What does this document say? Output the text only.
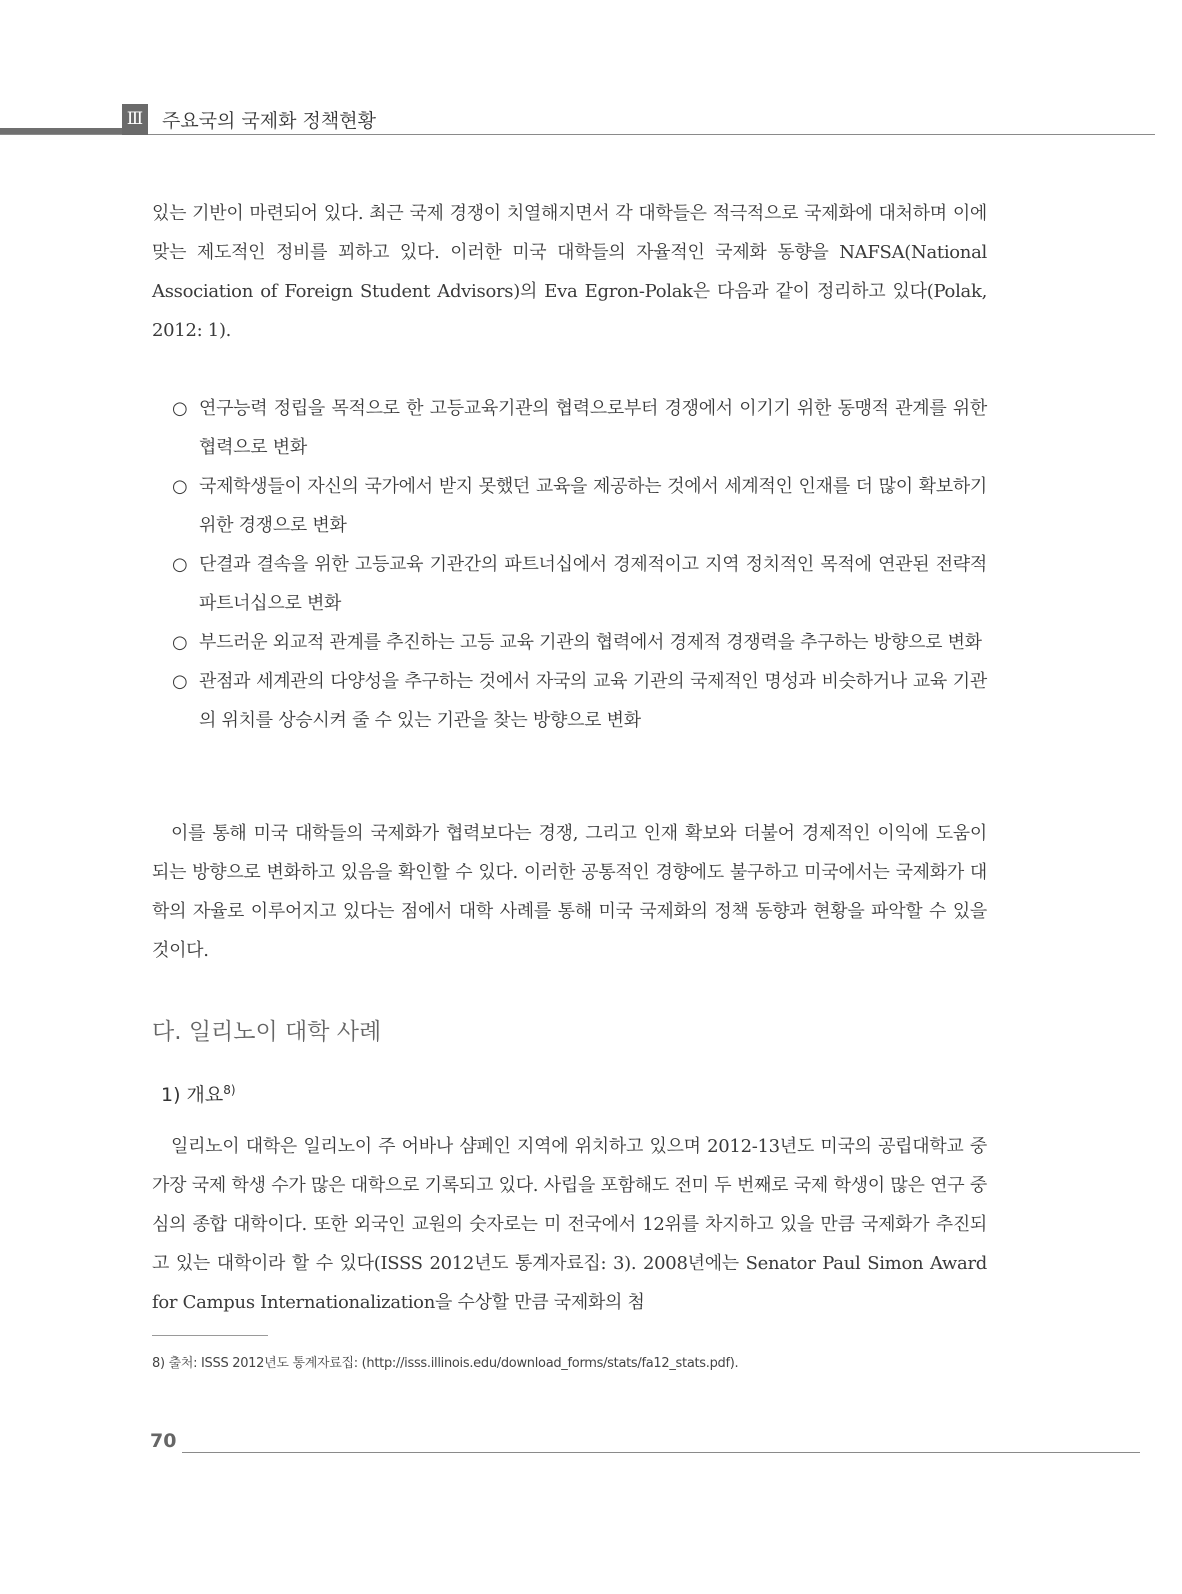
Ⅲ 주요국의 국제화 정책현황

있는 기반이 마련되어 있다. 최근 국제 경쟁이 치열해지면서 각 대학들은 적극적으로 국제화에 대처하며 이에 맞는 제도적인 정비를 꾀하고 있다. 이러한 미국 대학들의 자율적인 국제화 동향을 NAFSA(National Association of Foreign Student Advisors)의 Eva Egron-Polak은 다음과 같이 정리하고 있다(Polak, 2012: 1).

○ 연구능력 정립을 목적으로 한 고등교육기관의 협력으로부터 경쟁에서 이기기 위한 동맹적 관계를 위한 협력으로 변화
○ 국제학생들이 자신의 국가에서 받지 못했던 교육을 제공하는 것에서 세계적인 인재를 더 많이 확보하기 위한 경쟁으로 변화
○ 단결과 결속을 위한 고등교육 기관간의 파트너십에서 경제적이고 지역 정치적인 목적에 연관된 전략적 파트너십으로 변화
○ 부드러운 외교적 관계를 추진하는 고등 교육 기관의 협력에서 경제적 경쟁력을 추구하는 방향으로 변화
○ 관점과 세계관의 다양성을 추구하는 것에서 자국의 교육 기관의 국제적인 명성과 비슷하거나 교육 기관의 위치를 상승시켜 줄 수 있는 기관을 찾는 방향으로 변화

이를 통해 미국 대학들의 국제화가 협력보다는 경쟁, 그리고 인재 확보와 더불어 경제적인 이익에 도움이 되는 방향으로 변화하고 있음을 확인할 수 있다. 이러한 공통적인 경향에도 불구하고 미국에서는 국제화가 대학의 자율로 이루어지고 있다는 점에서 대학 사례를 통해 미국 국제화의 정책 동향과 현황을 파악할 수 있을 것이다.

다. 일리노이 대학 사례
1) 개요$^{8)}$

일리노이 대학은 일리노이 주 어바나 샴페인 지역에 위치하고 있으며 2012-13년도 미국의 공립대학교 중 가장 국제 학생 수가 많은 대학으로 기록되고 있다. 사립을 포함해도 전미 두 번째로 국제 학생이 많은 연구 중심의 종합 대학이다. 또한 외국인 교원의 숫자로는 미 전국에서 12위를 차지하고 있을 만큼 국제화가 추진되고 있는 대학이라 할 수 있다(ISSS 2012년도 통계자료집: 3). 2008년에는 Senator Paul Simon Award for Campus Internationalization을 수상할 만큼 국제화의 첨

8) 출처: ISSS 2012년도 통계자료집: (http://isss.illinois.edu/download_forms/stats/fa12_stats.pdf).
70
